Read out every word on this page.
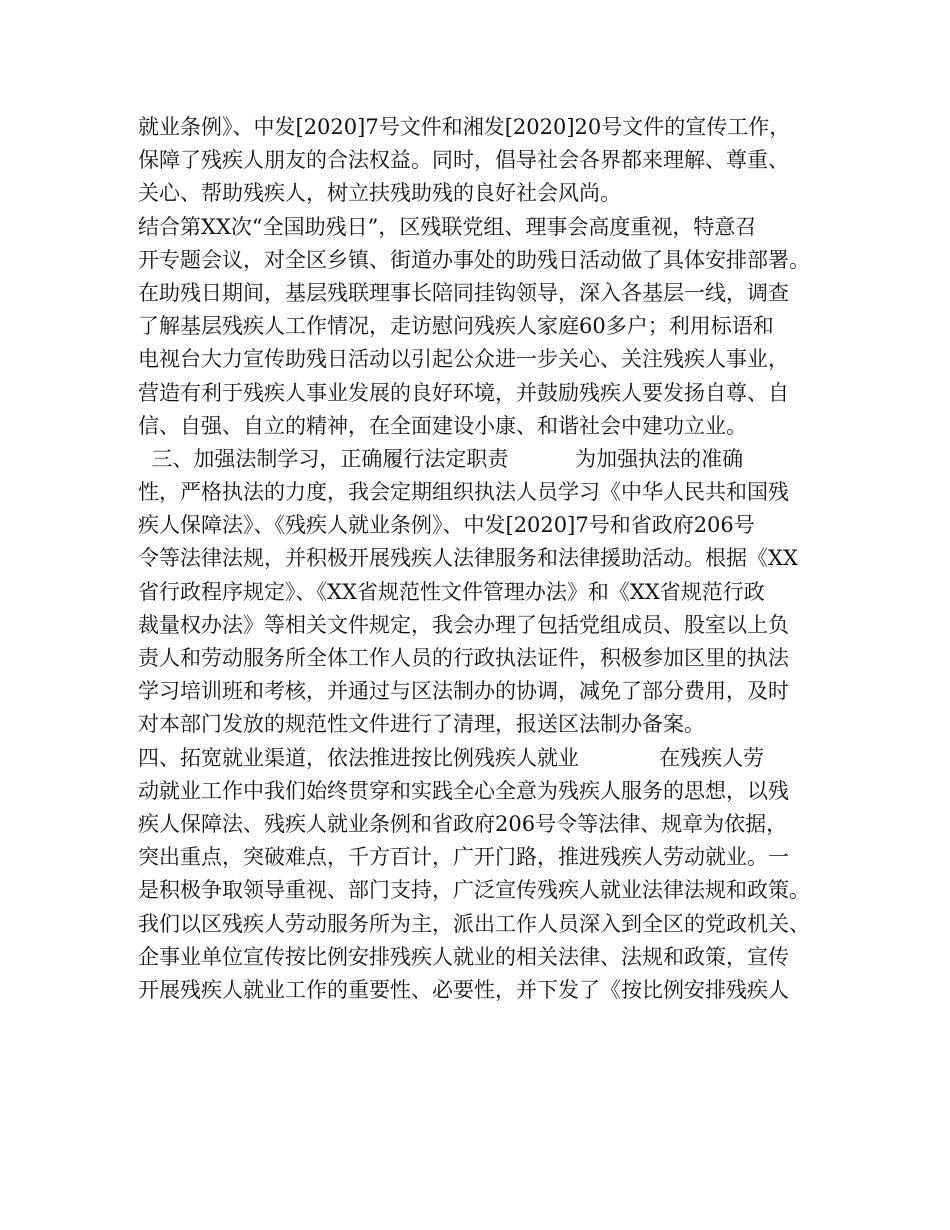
就业条例》、中发[2020]7号文件和湘发[2020]20号文件的宣传工作，
保障了残疾人朋友的合法权益。同时，倡导社会各界都来理解、尊重、
关心、帮助残疾人，树立扶残助残的良好社会风尚。
结合第XX次“全国助残日”，区残联党组、理事会高度重视，特意召
开专题会议，对全区乡镇、街道办事处的助残日活动做了具体安排部署。
在助残日期间，基层残联理事长陪同挂钩领导，深入各基层一线，调查
了解基层残疾人工作情况，走访慰问残疾人家庭60多户；利用标语和
电视台大力宣传助残日活动以引起公众进一步关心、关注残疾人事业，
营造有利于残疾人事业发展的良好环境，并鼓励残疾人要发扬自尊、自
信、自强、自立的精神，在全面建设小康、和谐社会中建功立业。
三、加强法制学习，正确履行法定职责          为加强执法的准确
性，严格执法的力度，我会定期组织执法人员学习《中华人民共和国残
疾人保障法》、《残疾人就业条例》、中发[2020]7号和省政府206号
令等法律法规，并积极开展残疾人法律服务和法律援助活动。根据《XX
省行政程序规定》、《XX省规范性文件管理办法》和《XX省规范行政
裁量权办法》等相关文件规定，我会办理了包括党组成员、股室以上负
责人和劳动服务所全体工作人员的行政执法证件，积极参加区里的执法
学习培训班和考核，并通过与区法制办的协调，减免了部分费用，及时
对本部门发放的规范性文件进行了清理，报送区法制办备案。
四、拓宽就业渠道，依法推进按比例残疾人就业            在残疾人劳
动就业工作中我们始终贯穿和实践全心全意为残疾人服务的思想，以残
疾人保障法、残疾人就业条例和省政府206号令等法律、规章为依据，
突出重点，突破难点，千方百计，广开门路，推进残疾人劳动就业。一
是积极争取领导重视、部门支持，广泛宣传残疾人就业法律法规和政策。
我们以区残疾人劳动服务所为主，派出工作人员深入到全区的党政机关、
企事业单位宣传按比例安排残疾人就业的相关法律、法规和政策，宣传
开展残疾人就业工作的重要性、必要性，并下发了《按比例安排残疾人
